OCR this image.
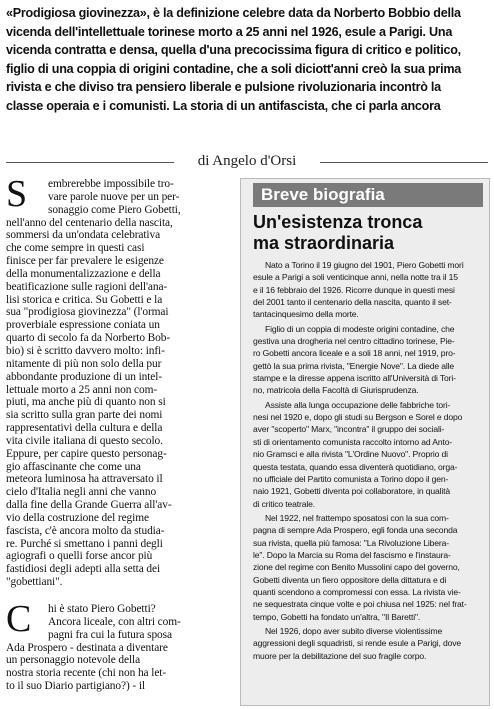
«Prodigiosa giovinezza», è la definizione celebre data da Norberto Bobbio della
vicenda dell'intellettuale torinese morto a 25 anni nel 1926, esule a Parigi. Una
vicenda contratta e densa, quella d'una precocissima figura di critico e politico,
figlio di una coppia di origini contadine, che a soli diciott'anni creò la sua prima
rivista e che diviso tra pensiero liberale e pulsione rivoluzionaria incontrò la
classe operaia e i comunisti. La storia di un antifascista, che ci parla ancora
di Angelo d'Orsi
S	embrerebbe impossibile tro-
vare parole nuove per un per-
sonaggio come Piero Gobetti,
nell'anno del centenario della nascita,
sommersi da un'ondata celebrativa
che come sempre in questi casi
finisce per far prevalere le esigenze
della monumentalizzazione e della
beatificazione sulle ragioni dell'ana-
lisi storica e critica. Su Gobetti e la
sua "prodigiosa giovinezza" (l'ormai
proverbiale espressione coniata un
quarto di secolo fa da Norberto Bob-
bio) si è scritto davvero molto: infi-
nitamente di più non solo della pur
abbondante produzione di un intel-
lettuale morto a 25 anni non com-
piuti, ma anche più di quanto non si
sia scritto sulla gran parte dei nomi
rappresentativi della cultura e della
vita civile italiana di questo secolo.
Eppure, per capire questo personag-
gio affascinante che come una
meteora luminosa ha attraversato il
cielo d'Italia negli anni che vanno
dalla fine della Grande Guerra all'av-
vio della costruzione del regime
fascista, c'è ancora molto da studia-
re. Purché si smettano i panni degli
agiografi o quelli forse ancor più
fastidiosi degli adepti alla setta dei
"gobettiani".
C	hi è stato Piero Gobetti?
Ancora liceale, con altri com-
pagni fra cui la futura sposa
Ada Prospero - destinata a diventare
un personaggio notevole della
nostra storia recente (chi non ha let-
to il suo Diario partigiano?) - il
Breve biografia
Un'esistenza tronca
ma straordinaria
Nato a Torino il 19 giugno del 1901, Piero Gobetti morì
esule a Parigi a soli venticinque anni, nella notte tra il 15
e il 16 febbraio del 1926. Ricorre dunque in questi mesi
del 2001 tanto il centenario della nascita, quanto il set-
tantacinquesimo della morte.
Figlio di un coppia di modeste origini contadine, che
gestiva una drogheria nel centro cittadino torinese, Pie-
ro Gobetti ancora liceale e a soli 18 anni, nel 1919, pro-
gettò la sua prima rivista, "Energie Nove". La diede alle
stampe e la diresse appena iscritto all'Università di Tori-
no, matricola della Facoltà di Giurisprudenza.
Assiste alla lunga occupazione delle fabbriche tori-
nesi nel 1920 e, dopo gli studi su Bergson e Sorel e dopo
aver "scoperto" Marx, "incontra" il gruppo dei sociali-
sti di orientamento comunista raccolto intorno ad Anto-
nio Gramsci e alla rivista "L'Ordine Nuovo". Proprio di
questa testata, quando essa diventerà quotidiano, orga-
no ufficiale del Partito comunista a Torino dopo il gen-
naio 1921, Gobetti diventa poi collaboratore, in qualità
di critico teatrale.
Nel 1922, nel frattempo sposatosi con la sua com-
pagna di sempre Ada Prospero, egli fonda una seconda
sua rivista, quella più famosa: "La Rivoluzione Libera-
le". Dopo la Marcia su Roma del fascismo e l'instaura-
zione del regime con Benito Mussolini capo del governo,
Gobetti diventa un fiero oppositore della dittatura e di
quanti scendono a compromessi con essa. La rivista vie-
ne sequestrata cinque volte e poi chiusa nel 1925: nel frat-
tempo, Gobetti ha fondato un'altra, "Il Baretti".
Nel 1926, dopo aver subito diverse violentissime
aggressioni degli squadristi, si rende esule a Parigi, dove
muore per la debilitazione del suo fragile corpo.
